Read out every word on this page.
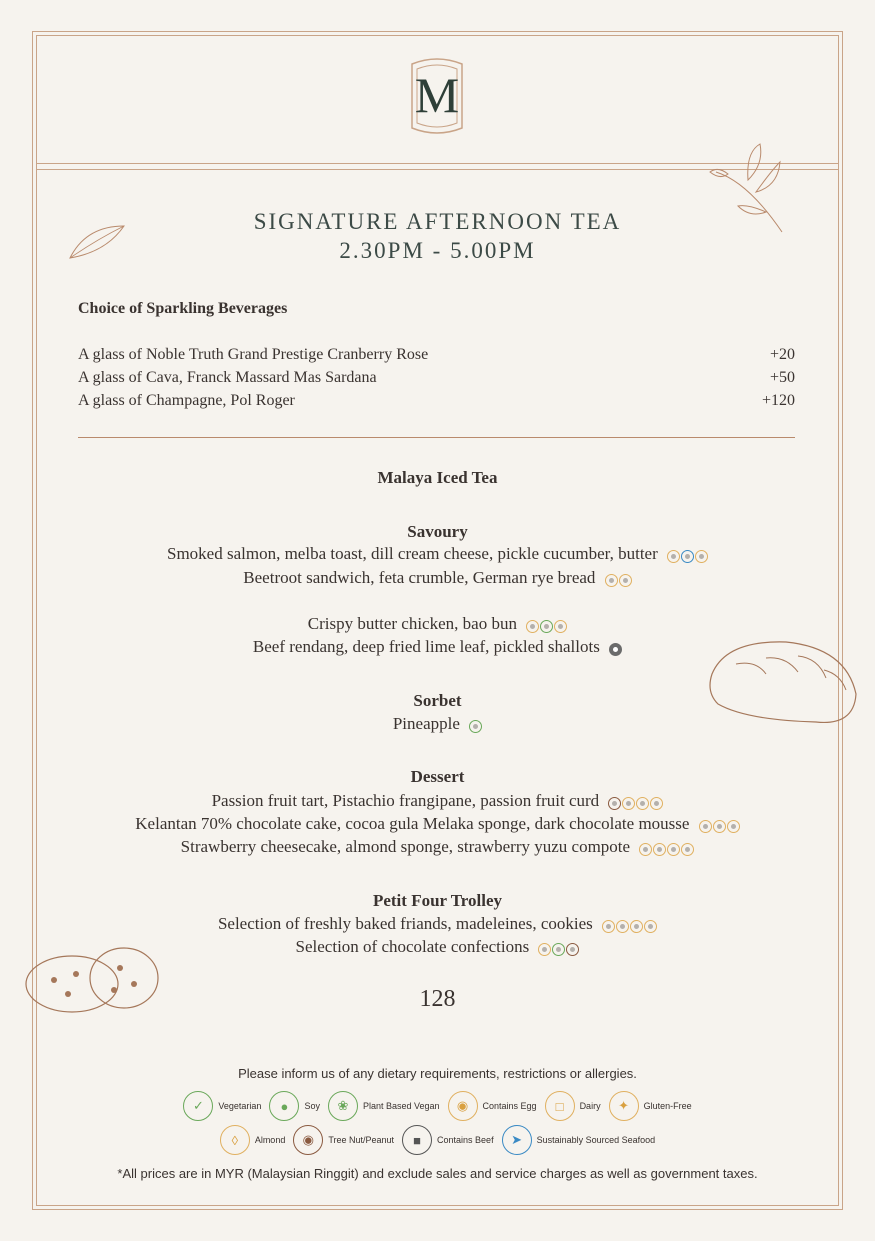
M
SIGNATURE AFTERNOON TEA
2.30PM - 5.00PM
Choice of Sparkling Beverages
A glass of Noble Truth Grand Prestige Cranberry Rose	+20
A glass of Cava, Franck Massard Mas Sardana	+50
A glass of Champagne, Pol Roger	+120
Malaya Iced Tea
Savoury
Smoked salmon, melba toast, dill cream cheese, pickle cucumber, butter
Beetroot sandwich, feta crumble, German rye bread
Crispy butter chicken, bao bun
Beef rendang, deep fried lime leaf, pickled shallots
Sorbet
Pineapple
Dessert
Passion fruit tart, Pistachio frangipane, passion fruit curd
Kelantan 70% chocolate cake, cocoa gula Melaka sponge, dark chocolate mousse
Strawberry cheesecake, almond sponge, strawberry yuzu compote
Petit Four Trolley
Selection of freshly baked friands, madeleines, cookies
Selection of chocolate confections
128
Please inform us of any dietary requirements, restrictions or allergies.
✓	Vegetarian	●	Soy	❀	Plant Based Vegan	◉	Contains Egg	□	Dairy	✦	Gluten-Free
◊	Almond	◉	Tree Nut/Peanut	■	Contains Beef	➤	Sustainably Sourced Seafood
*All prices are in MYR (Malaysian Ringgit) and exclude sales and service charges as well as government taxes.
